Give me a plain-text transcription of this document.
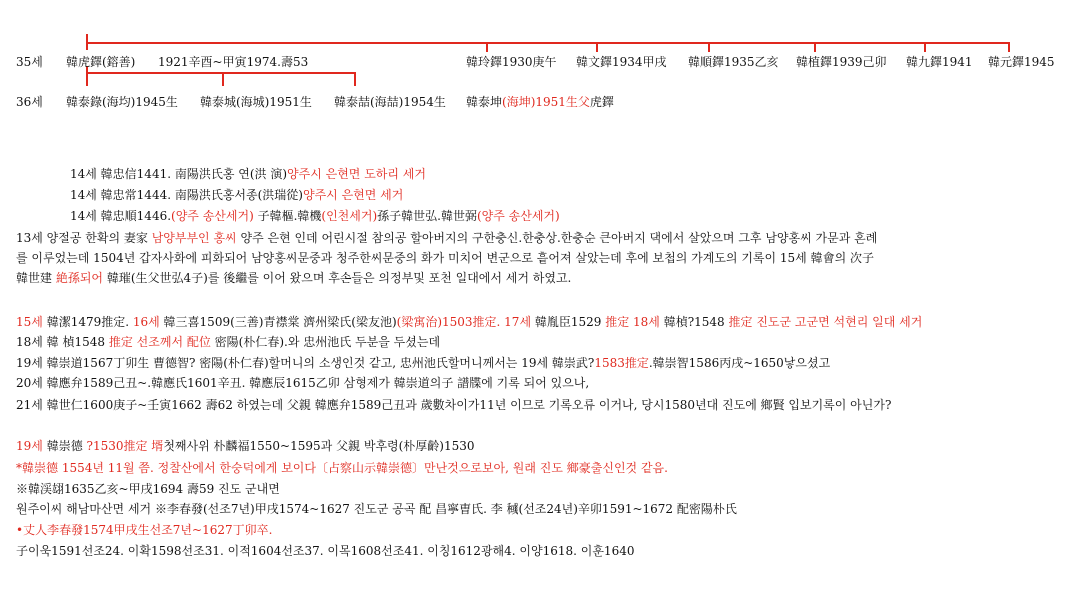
35세 韓虎鐸(鎔善) 1921辛酉~甲寅1974.壽53	韓玲鐸1930庚午 韓文鐸1934甲戌 韓順鐸1935乙亥 韓植鐸1939己卯 韓九鐸1941 韓元鐸1945
36세 韓泰錄(海均)1945生 韓泰城(海城)1951生 韓泰喆(海喆)1954生 韓泰坤(海坤)1951生父虎鐸
14세 韓忠信1441. 南陽洪氏홍 연(洪 演)양주시 은현면 도하리 세거
14세 韓忠常1444. 南陽洪氏홍서종(洪瑞從)양주시 은현면 세거
14세 韓忠順1446.(양주 송산세거) 子韓樞.韓機(인천세거)孫子韓世弘.韓世弼(양주 송산세거)
13세 양절공 한확의 妻家 남양부부인 홍씨 양주 은현 인데 어린시절 참의공 할아버지의 구한충신.한충상.한충순 큰아버지 댁에서 살았으며 그후 남양홍씨 가문과 혼례
를 이루었는데 1504년 갑자사화에 피화되어 남양홍씨문중과 청주한씨문중의 화가 미치어 변군으로 흩어져 살았는데 후에 보첩의 가계도의 기록이 15세 韓會의 次子
韓世建 絶孫되어 韓璀(生父世弘4子)를 後繼를 이어 왔으며 후손들은 의정부및 포천 일대에서 세거 하였고.
15세 韓潔1479推定. 16세 韓三喜1509(三善)青襟棠 濟州梁氏(梁友池)(梁寓治)1503推定. 17세 韓胤臣1529 推定 18세 韓楨?1548 推定 진도군 고군면 석현리 일대 세거
18세 韓 楨1548 推定 선조께서 配位 密陽(朴仁春).와 忠州池氏 두분을 두셨는데
19세 韓崇道1567丁卯生 曹德智? 密陽(朴仁春)할머니의 소생인것 같고, 忠州池氏할머니께서는 19세 韓崇武?1583推定.韓崇智1586丙戌~1650낳으셨고
20세 韓應弁1589己丑~.韓應氏1601辛丑. 韓應辰1615乙卯 삼형제가 韓崇道의子 譜牒에 기록 되어 있으나,
21세 韓世仁1600庚子~壬寅1662 壽62 하였는데 父親 韓應弁1589己丑과 歲數차이가11년 이므로 기록오류 이거나, 당시1580년대 진도에 鄉賢 입보기록이 아닌가?
19세 韓崇德 ?1530推定 壻첫째사위 朴麟福1550~1595과 父親 박후령(朴厚齡)1530
*韓崇德 1554년 11월 쯤. 정찰산에서 한숭덕에게 보이다〔占察山示韓崇德〕만난것으로보아, 원래 진도 鄉豪출신인것 같음.
※韓渓翃1635乙亥~甲戌1694 壽59 진도 군내면
원주이씨 해남마산면 세거 ※李春發(선조7년)甲戌1574~1627 진도군 공곡 配 昌寧曺氏. 李 稶(선조24년)辛卯1591~1672 配密陽朴氏
•丈人李春發1574甲戌生선조7년~1627丁卯卒.
子이욱1591선조24. 이확1598선조31. 이적1604선조37. 이목1608선조41. 이칭1612광해4. 이양1618. 이훈1640
